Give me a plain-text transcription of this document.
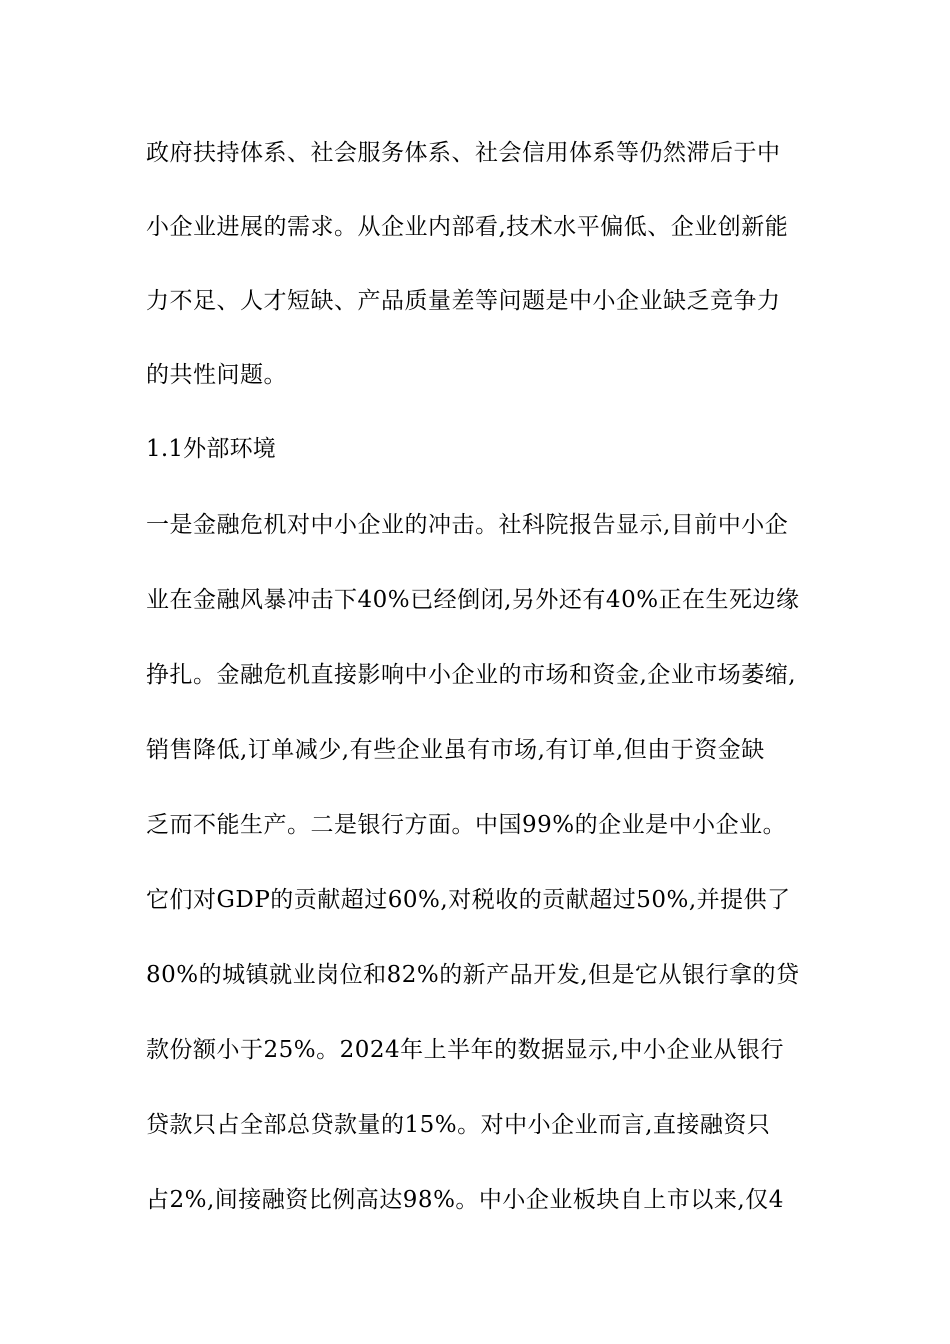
政府扶持体系、社会服务体系、社会信用体系等仍然滞后于中
小企业进展的需求。从企业内部看,技术水平偏低、企业创新能
力不足、人才短缺、产品质量差等问题是中小企业缺乏竞争力
的共性问题。
1.1外部环境
一是金融危机对中小企业的冲击。社科院报告显示,目前中小企
业在金融风暴冲击下40%已经倒闭,另外还有40%正在生死边缘
挣扎。金融危机直接影响中小企业的市场和资金,企业市场萎缩,
销售降低,订单减少,有些企业虽有市场,有订单,但由于资金缺
乏而不能生产。二是银行方面。中国99%的企业是中小企业。
它们对GDP的贡献超过60%,对税收的贡献超过50%,并提供了
80%的城镇就业岗位和82%的新产品开发,但是它从银行拿的贷
款份额小于25%。2024年上半年的数据显示,中小企业从银行
贷款只占全部总贷款量的15%。对中小企业而言,直接融资只
占2%,间接融资比例高达98%。中小企业板块自上市以来,仅4
